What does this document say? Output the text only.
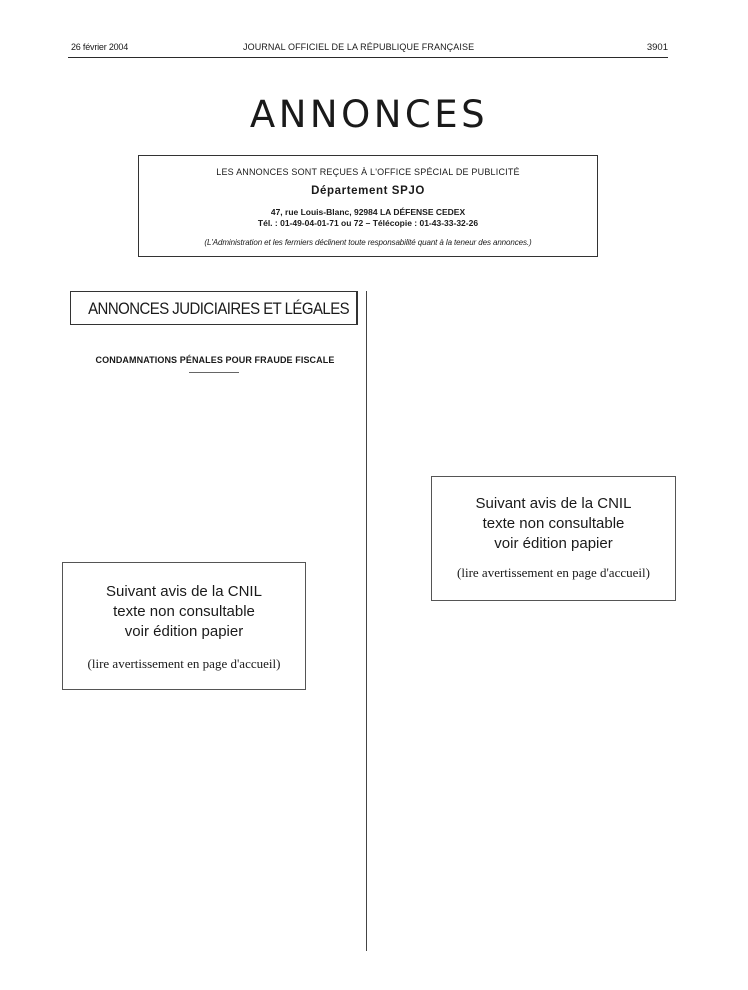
26 février 2004	JOURNAL OFFICIEL DE LA RÉPUBLIQUE FRANÇAISE	3901
ANNONCES
LES ANNONCES SONT REÇUES À L'OFFICE SPÉCIAL DE PUBLICITÉ
Département SPJO
47, rue Louis-Blanc, 92984 LA DÉFENSE CEDEX
Tél. : 01-49-04-01-71 ou 72 – Télécopie : 01-43-33-32-26
(L'Administration et les fermiers déclinent toute responsabilité quant à la teneur des annonces.)
ANNONCES JUDICIAIRES ET LÉGALES
CONDAMNATIONS PÉNALES POUR FRAUDE FISCALE
Suivant avis de la CNIL
texte non consultable
voir édition papier
(lire avertissement en page d'accueil)
Suivant avis de la CNIL
texte non consultable
voir édition papier
(lire avertissement en page d'accueil)
